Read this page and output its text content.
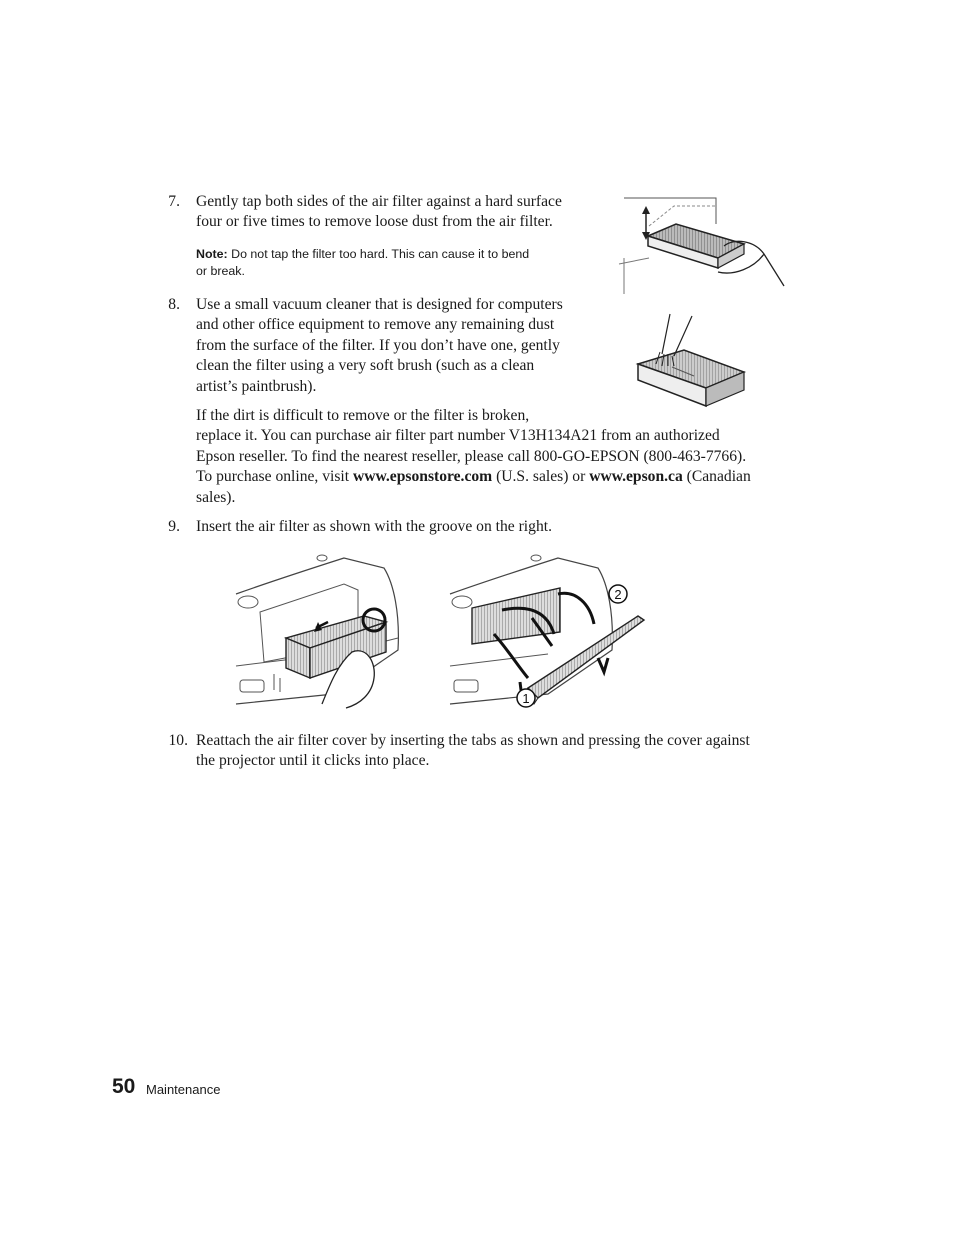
7. Gently tap both sides of the air filter against a hard surface
four or five times to remove loose dust from the air filter.
Note: Do not tap the filter too hard. This can cause it to bend
or break.
8. Use a small vacuum cleaner that is designed for computers
and other office equipment to remove any remaining dust
from the surface of the filter. If you don’t have one, gently
clean the filter using a very soft brush (such as a clean
artist’s paintbrush).
If the dirt is difficult to remove or the filter is broken,
replace it. You can purchase air filter part number V13H134A21 from an authorized
Epson reseller. To find the nearest reseller, please call 800-GO-EPSON (800-463-7766).
To purchase online, visit www.epsonstore.com (U.S. sales) or www.epson.ca (Canadian
sales).
9. Insert the air filter as shown with the groove on the right.
10. Reattach the air filter cover by inserting the tabs as shown and pressing the cover against
the projector until it clicks into place.
2
1
50 Maintenance
